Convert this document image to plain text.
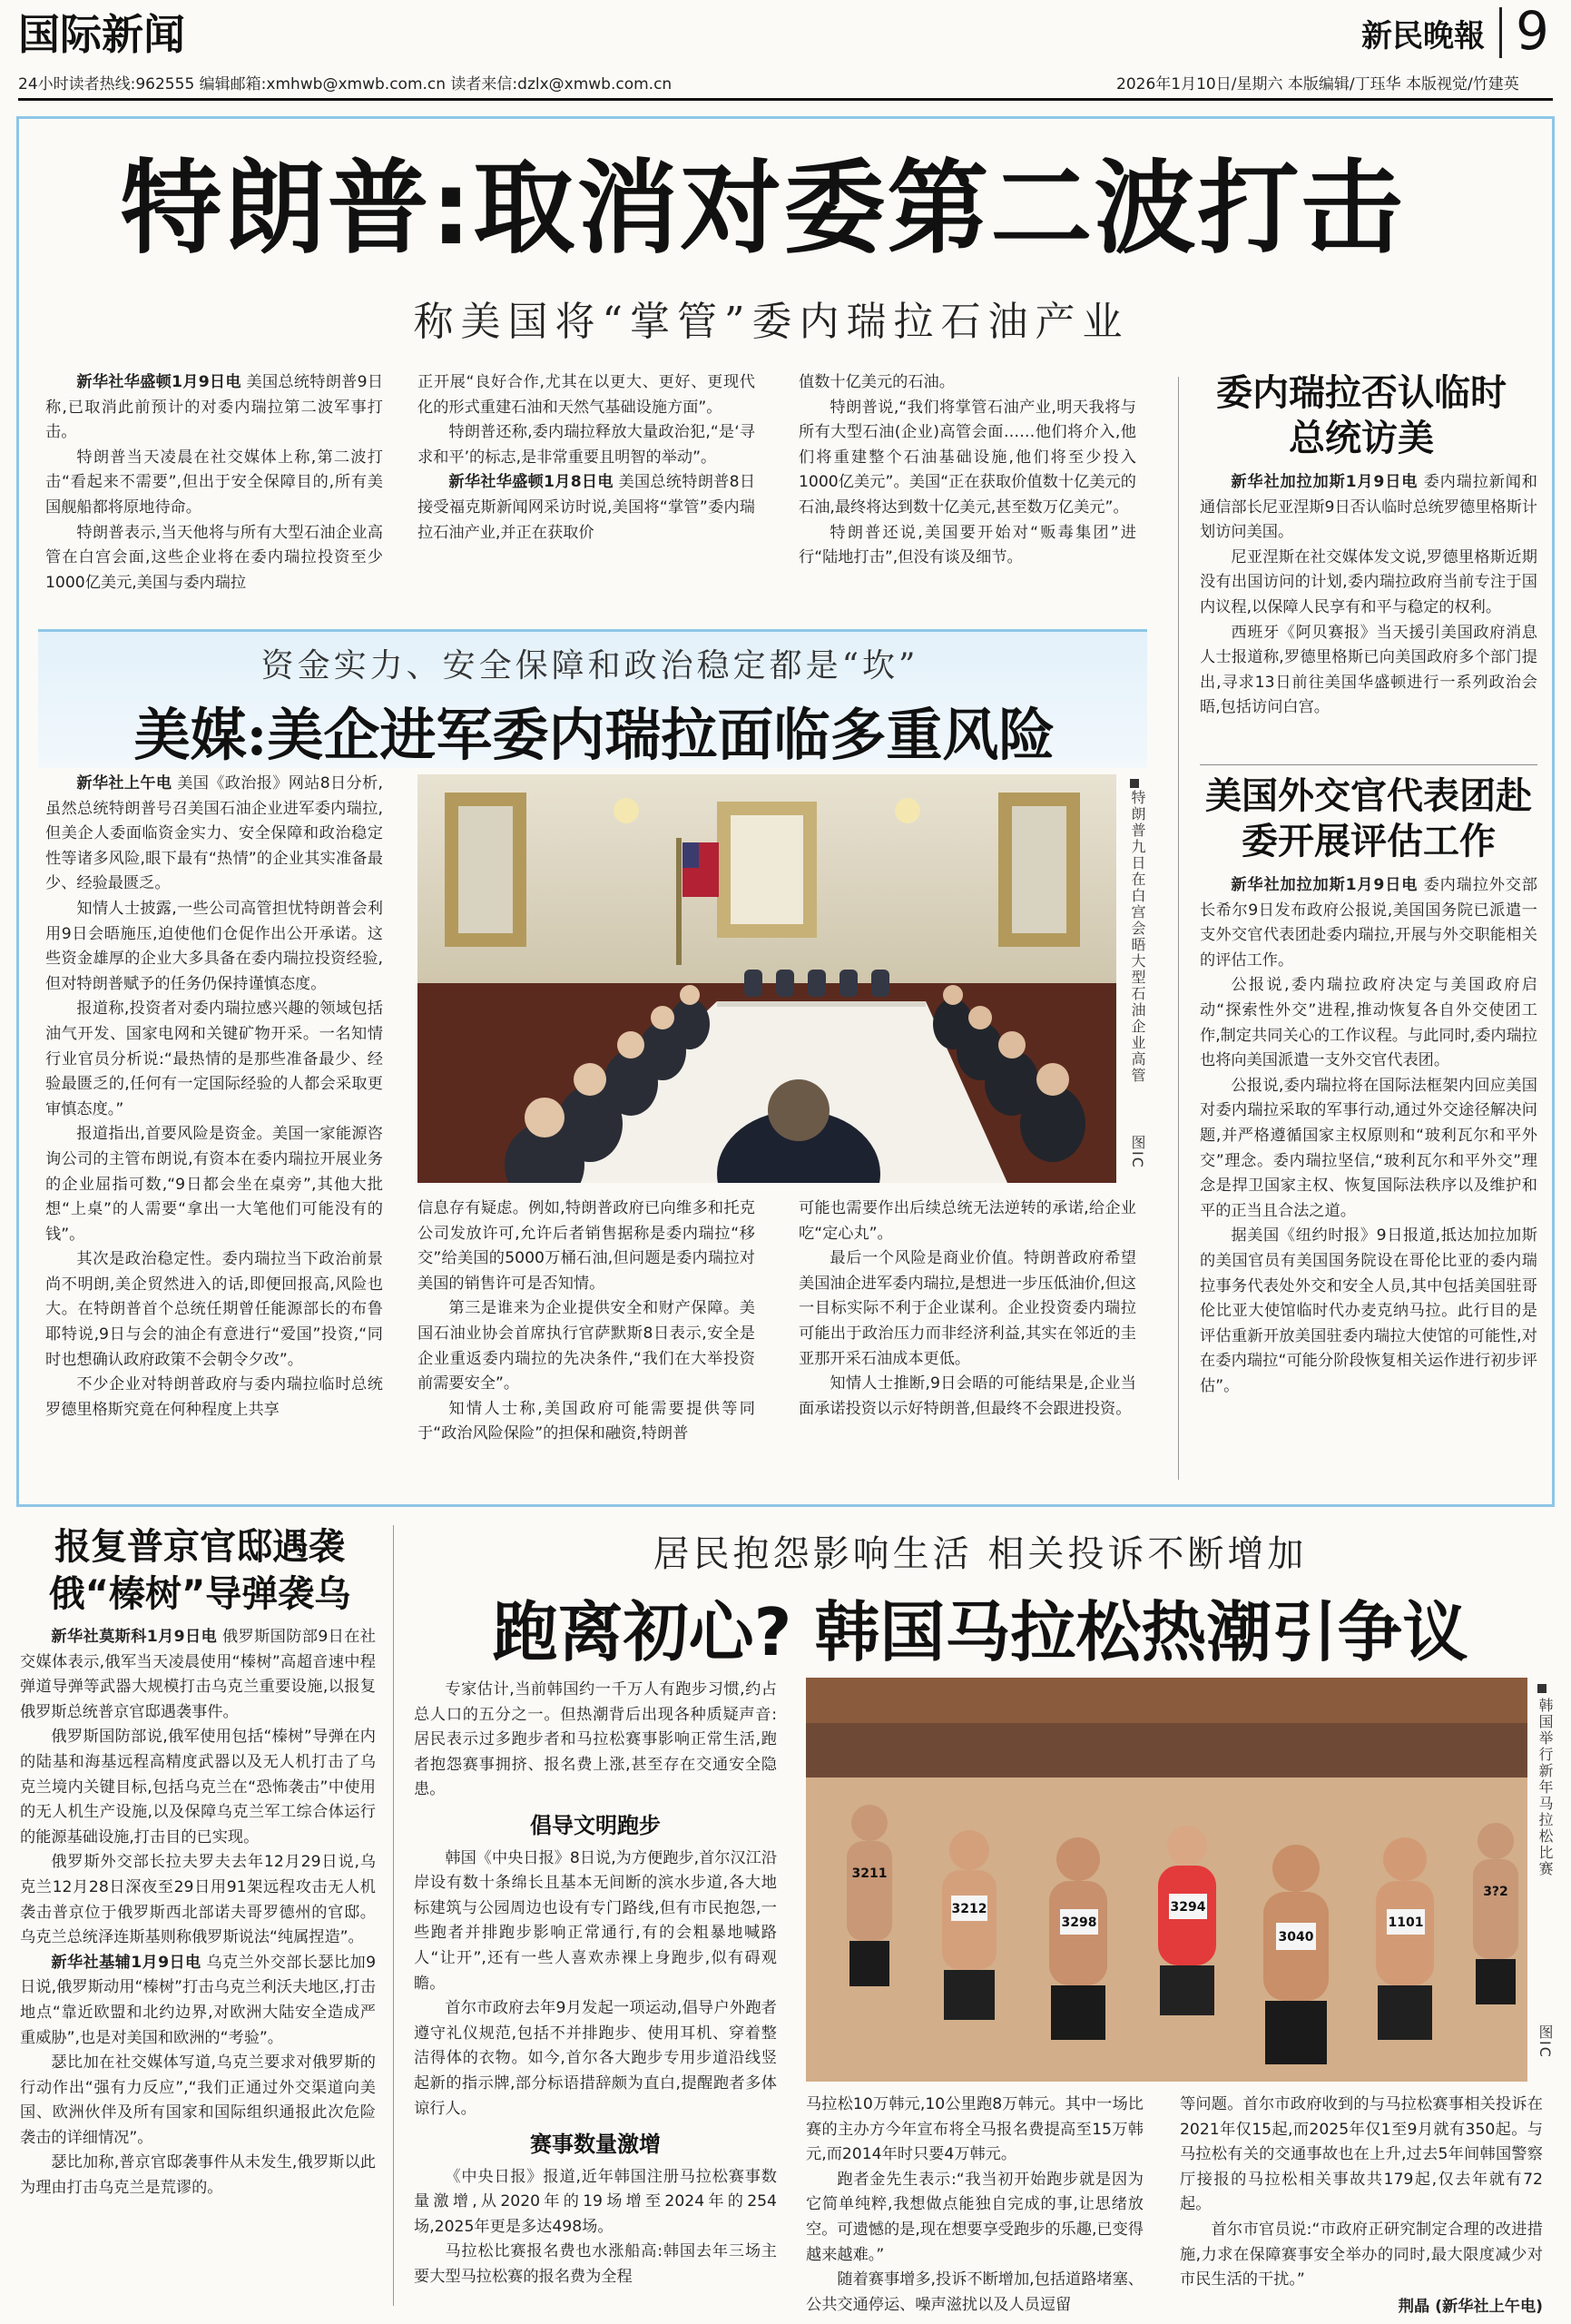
国际新闻	新民晚報 9
24小时读者热线:962555 编辑邮箱:xmhwb@xmwb.com.cn 读者来信:dzlx@xmwb.com.cn	2026年1月10日/星期六 本版编辑/丁珏华 本版视觉/竹建英
特朗普:取消对委第二波打击
称美国将“掌管”委内瑞拉石油产业

新华社华盛顿1月9日电 美国总统特朗普9日称,已取消此前预计的对委内瑞拉第二波军事打击。

特朗普当天凌晨在社交媒体上称,第二波打击“看起来不需要”,但出于安全保障目的,所有美国舰船都将原地待命。

特朗普表示,当天他将与所有大型石油企业高管在白宫会面,这些企业将在委内瑞拉投资至少1000亿美元,美国与委内瑞拉

正开展“良好合作,尤其在以更大、更好、更现代化的形式重建石油和天然气基础设施方面”。

特朗普还称,委内瑞拉释放大量政治犯,“是‘寻求和平’的标志,是非常重要且明智的举动”。

新华社华盛顿1月8日电 美国总统特朗普8日接受福克斯新闻网采访时说,美国将“掌管”委内瑞拉石油产业,并正在获取价

值数十亿美元的石油。

特朗普说,“我们将掌管石油产业,明天我将与所有大型石油(企业)高管会面……他们将介入,他们将重建整个石油基础设施,他们将至少投入1000亿美元”。美国“正在获取价值数十亿美元的石油,最终将达到数十亿美元,甚至数万亿美元”。

特朗普还说,美国要开始对“贩毒集团”进行“陆地打击”,但没有谈及细节。

资金实力、安全保障和政治稳定都是“坎”
美媒:美企进军委内瑞拉面临多重风险

新华社上午电 美国《政治报》网站8日分析,虽然总统特朗普号召美国石油企业进军委内瑞拉,但美企人委面临资金实力、安全保障和政治稳定性等诸多风险,眼下最有“热情”的企业其实准备最少、经验最匮乏。

知情人士披露,一些公司高管担忧特朗普会利用9日会晤施压,迫使他们仓促作出公开承诺。这些资金雄厚的企业大多具备在委内瑞拉投资经验,但对特朗普赋予的任务仍保持谨慎态度。

报道称,投资者对委内瑞拉感兴趣的领域包括油气开发、国家电网和关键矿物开采。一名知情行业官员分析说:“最热情的是那些准备最少、经验最匮乏的,任何有一定国际经验的人都会采取更审慎态度。”

报道指出,首要风险是资金。美国一家能源咨询公司的主管布朗说,有资本在委内瑞拉开展业务的企业屈指可数,“9日都会坐在桌旁”,其他大批想“上桌”的人需要“拿出一大笔他们可能没有的钱”。

其次是政治稳定性。委内瑞拉当下政治前景尚不明朗,美企贸然进入的话,即便回报高,风险也大。在特朗普首个总统任期曾任能源部长的布鲁耶特说,9日与会的油企有意进行“爱国”投资,“同时也想确认政府政策不会朝令夕改”。

不少企业对特朗普政府与委内瑞拉临时总统罗德里格斯究竟在何种程度上共享

特朗普九日在白宫会晤大型石油企业高管
图IC

信息存有疑虑。例如,特朗普政府已向维多和托克公司发放许可,允许后者销售据称是委内瑞拉“移交”给美国的5000万桶石油,但问题是委内瑞拉对美国的销售许可是否知情。

第三是谁来为企业提供安全和财产保障。美国石油业协会首席执行官萨默斯8日表示,安全是企业重返委内瑞拉的先决条件,“我们在大举投资前需要安全”。

知情人士称,美国政府可能需要提供等同于“政治风险保险”的担保和融资,特朗普

可能也需要作出后续总统无法逆转的承诺,给企业吃“定心丸”。

最后一个风险是商业价值。特朗普政府希望美国油企进军委内瑞拉,是想进一步压低油价,但这一目标实际不利于企业谋利。企业投资委内瑞拉可能出于政治压力而非经济利益,其实在邻近的圭亚那开采石油成本更低。

知情人士推断,9日会晤的可能结果是,企业当面承诺投资以示好特朗普,但最终不会跟进投资。

委内瑞拉否认临时总统访美

新华社加拉加斯1月9日电 委内瑞拉新闻和通信部长尼亚涅斯9日否认临时总统罗德里格斯计划访问美国。

尼亚涅斯在社交媒体发文说,罗德里格斯近期没有出国访问的计划,委内瑞拉政府当前专注于国内议程,以保障人民享有和平与稳定的权利。

西班牙《阿贝赛报》当天援引美国政府消息人士报道称,罗德里格斯已向美国政府多个部门提出,寻求13日前往美国华盛顿进行一系列政治会晤,包括访问白宫。

美国外交官代表团赴委开展评估工作

新华社加拉加斯1月9日电 委内瑞拉外交部长希尔9日发布政府公报说,美国国务院已派遣一支外交官代表团赴委内瑞拉,开展与外交职能相关的评估工作。

公报说,委内瑞拉政府决定与美国政府启动“探索性外交”进程,推动恢复各自外交使团工作,制定共同关心的工作议程。与此同时,委内瑞拉也将向美国派遣一支外交官代表团。

公报说,委内瑞拉将在国际法框架内回应美国对委内瑞拉采取的军事行动,通过外交途径解决问题,并严格遵循国家主权原则和“玻利瓦尔和平外交”理念。委内瑞拉坚信,“玻利瓦尔和平外交”理念是捍卫国家主权、恢复国际法秩序以及维护和平的正当且合法之道。

据美国《纽约时报》9日报道,抵达加拉加斯的美国官员有美国国务院设在哥伦比亚的委内瑞拉事务代表处外交和安全人员,其中包括美国驻哥伦比亚大使馆临时代办麦克纳马拉。此行目的是评估重新开放美国驻委内瑞拉大使馆的可能性,对在委内瑞拉“可能分阶段恢复相关运作进行初步评估”。

报复普京官邸遇袭 俄“榛树”导弹袭乌

新华社莫斯科1月9日电 俄罗斯国防部9日在社交媒体表示,俄军当天凌晨使用“榛树”高超音速中程弹道导弹等武器大规模打击乌克兰重要设施,以报复俄罗斯总统普京官邸遇袭事件。

俄罗斯国防部说,俄军使用包括“榛树”导弹在内的陆基和海基远程高精度武器以及无人机打击了乌克兰境内关键目标,包括乌克兰在“恐怖袭击”中使用的无人机生产设施,以及保障乌克兰军工综合体运行的能源基础设施,打击目的已实现。

俄罗斯外交部长拉夫罗夫去年12月29日说,乌克兰12月28日深夜至29日用91架远程攻击无人机袭击普京位于俄罗斯西北部诺夫哥罗德州的官邸。乌克兰总统泽连斯基则称俄罗斯说法“纯属捏造”。

新华社基辅1月9日电 乌克兰外交部长瑟比加9日说,俄罗斯动用“榛树”打击乌克兰利沃夫地区,打击地点“靠近欧盟和北约边界,对欧洲大陆安全造成严重威胁”,也是对美国和欧洲的“考验”。

瑟比加在社交媒体写道,乌克兰要求对俄罗斯的行动作出“强有力反应”,“我们正通过外交渠道向美国、欧洲伙伴及所有国家和国际组织通报此次危险袭击的详细情况”。

瑟比加称,普京官邸袭事件从未发生,俄罗斯以此为理由打击乌克兰是荒谬的。

居民抱怨影响生活 相关投诉不断增加
跑离初心? 韩国马拉松热潮引争议

专家估计,当前韩国约一千万人有跑步习惯,约占总人口的五分之一。但热潮背后出现各种质疑声音:居民表示过多跑步者和马拉松赛事影响正常生活,跑者抱怨赛事拥挤、报名费上涨,甚至存在交通安全隐患。

倡导文明跑步

韩国《中央日报》8日说,为方便跑步,首尔汉江沿岸设有数十条绵长且基本无间断的滨水步道,各大地标建筑与公园周边也设有专门路线,但有市民抱怨,一些跑者并排跑步影响正常通行,有的会粗暴地喊路人“让开”,还有一些人喜欢赤裸上身跑步,似有碍观瞻。

首尔市政府去年9月发起一项运动,倡导户外跑者遵守礼仪规范,包括不并排跑步、使用耳机、穿着整洁得体的衣物。如今,首尔各大跑步专用步道沿线竖起新的指示牌,部分标语措辞颇为直白,提醒跑者多体谅行人。

赛事数量激增

《中央日报》报道,近年韩国注册马拉松赛事数量激增,从2020年的19场增至2024年的254场,2025年更是多达498场。

马拉松比赛报名费也水涨船高:韩国去年三场主要大型马拉松赛的报名费为全程

3212
3298
3294
3040
1101
3211
3?2
韩国举行新年马拉松比赛
图IC

马拉松10万韩元,10公里跑8万韩元。其中一场比赛的主办方今年宣布将全马报名费提高至15万韩元,而2014年时只要4万韩元。

跑者金先生表示:“我当初开始跑步就是因为它简单纯粹,我想做点能独自完成的事,让思绪放空。可遗憾的是,现在想要享受跑步的乐趣,已变得越来越难。”

随着赛事增多,投诉不断增加,包括道路堵塞、公共交通停运、噪声滋扰以及人员逗留

等问题。首尔市政府收到的与马拉松赛事相关投诉在2021年仅15起,而2025年仅1至9月就有350起。与马拉松有关的交通事故也在上升,过去5年间韩国警察厅接报的马拉松相关事故共179起,仅去年就有72起。

首尔市官员说:“市政府正研究制定合理的改进措施,力求在保障赛事安全举办的同时,最大限度减少对市民生活的干扰。”

荆晶 (新华社上午电)
